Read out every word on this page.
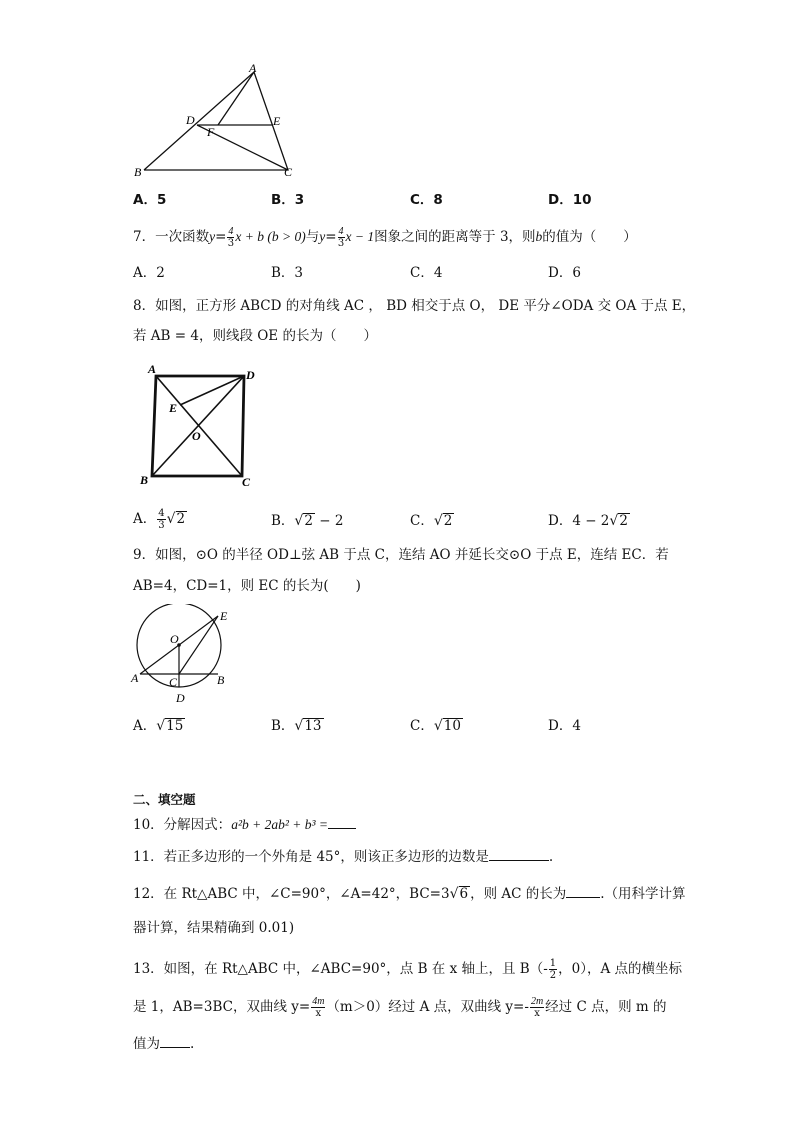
A
D
F
E
B	C
A．5	B．3	C．8	D．10
7．一次函数$y= \frac{4}{3}$ x + b (b > 0)与$y= \frac{4}{3}$ x − 1图象之间的距离等于 3，则b的值为（　　）
A．2	B．3	C．4	D．6
8．如图，正方形 ABCD 的对角线 AC ， BD 相交于点 O， DE 平分∠ODA 交 OA 于点 E，
若 AB = 4，则线段 OE 的长为（　　）
A	D
E
O
B	C
A． $\frac{4}{3} √2$	B．√2 − 2	C．√2	D．4 − 2√2
9．如图，⊙O 的半径 OD⊥弦 AB 于点 C，连结 AO 并延长交⊙O 于点 E，连结 EC．若
AB=4，CD=1，则 EC 的长为(　　)
O
E
A	C	B
D
A．√15	B．√13	C．√10	D．4
二、填空题
10．分解因式：a²b + 2ab² + b³ =
11．若正多边形的一个外角是 45°，则该正多边形的边数是	.
12．在 Rt△ABC 中，∠C=90°，∠A=42°，BC=3√6 ，则 AC 的长为	.（用科学计算
器计算，结果精确到 0.01)
13．如图，在 Rt△ABC 中，∠ABC=90°，点 B 在 x 轴上，且 $B(- \frac{1}{2}$ ，0），A 点的横坐标
是 1，AB=3BC，双曲线 $y= \frac{4m}{x} (m>0)$经过 A 点，双曲线 $y=- \frac{2m}{x}$ 经过 C 点，则 m 的
值为 .
